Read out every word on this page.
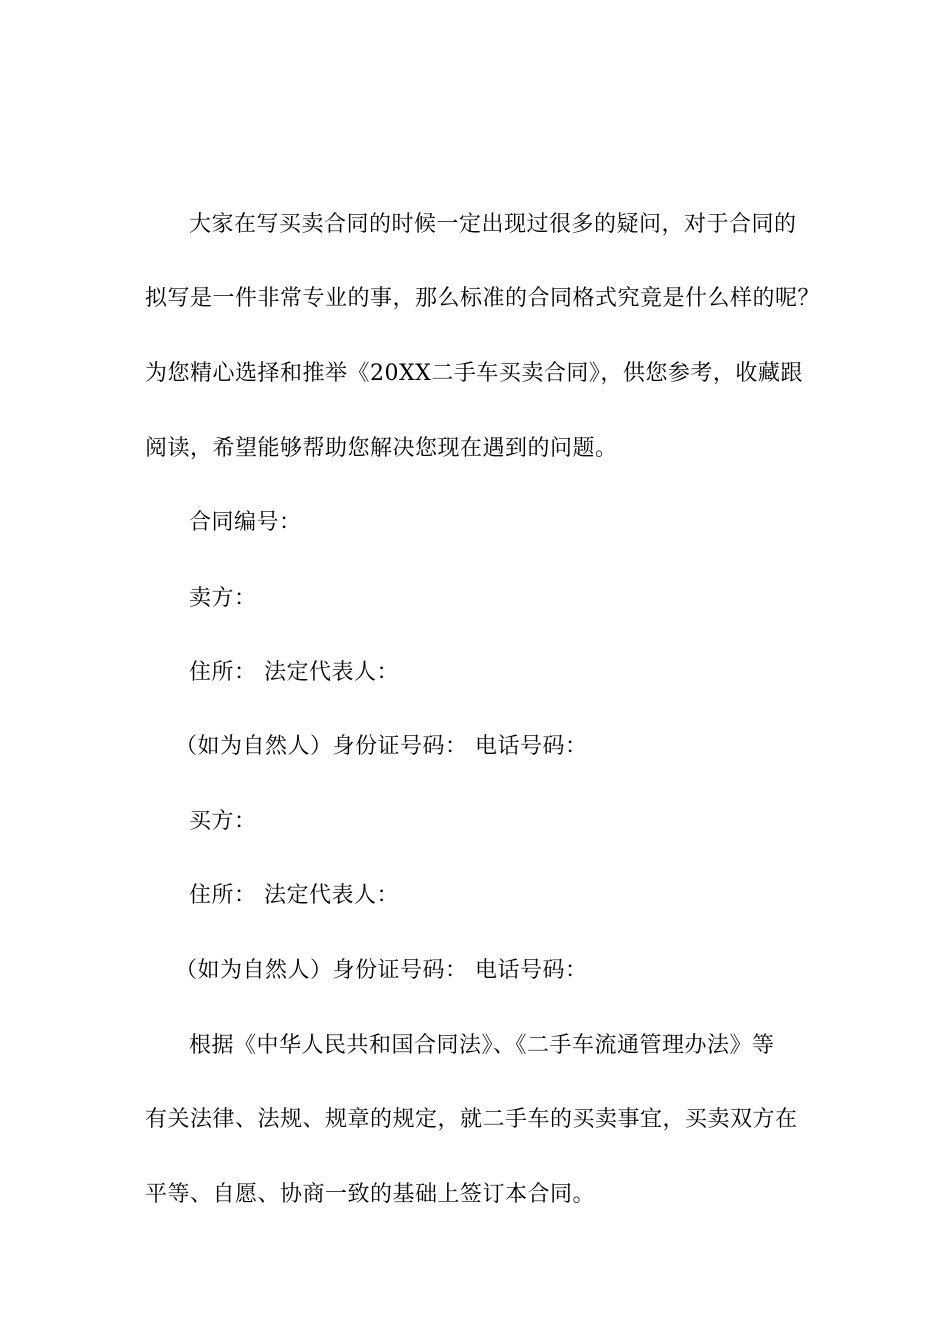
大家在写买卖合同的时候一定出现过很多的疑问，对于合同的
拟写是一件非常专业的事，那么标准的合同格式究竟是什么样的呢？
为您精心选择和推举《20XX二手车买卖合同》，供您参考，收藏跟
阅读，希望能够帮助您解决您现在遇到的问题。
合同编号：
卖方：
住所： 法定代表人：
（如为自然人）身份证号码： 电话号码：
买方：
住所： 法定代表人：
（如为自然人）身份证号码： 电话号码：
根据《中华人民共和国合同法》、《二手车流通管理办法》等
有关法律、法规、规章的规定，就二手车的买卖事宜，买卖双方在
平等、自愿、协商一致的基础上签订本合同。
